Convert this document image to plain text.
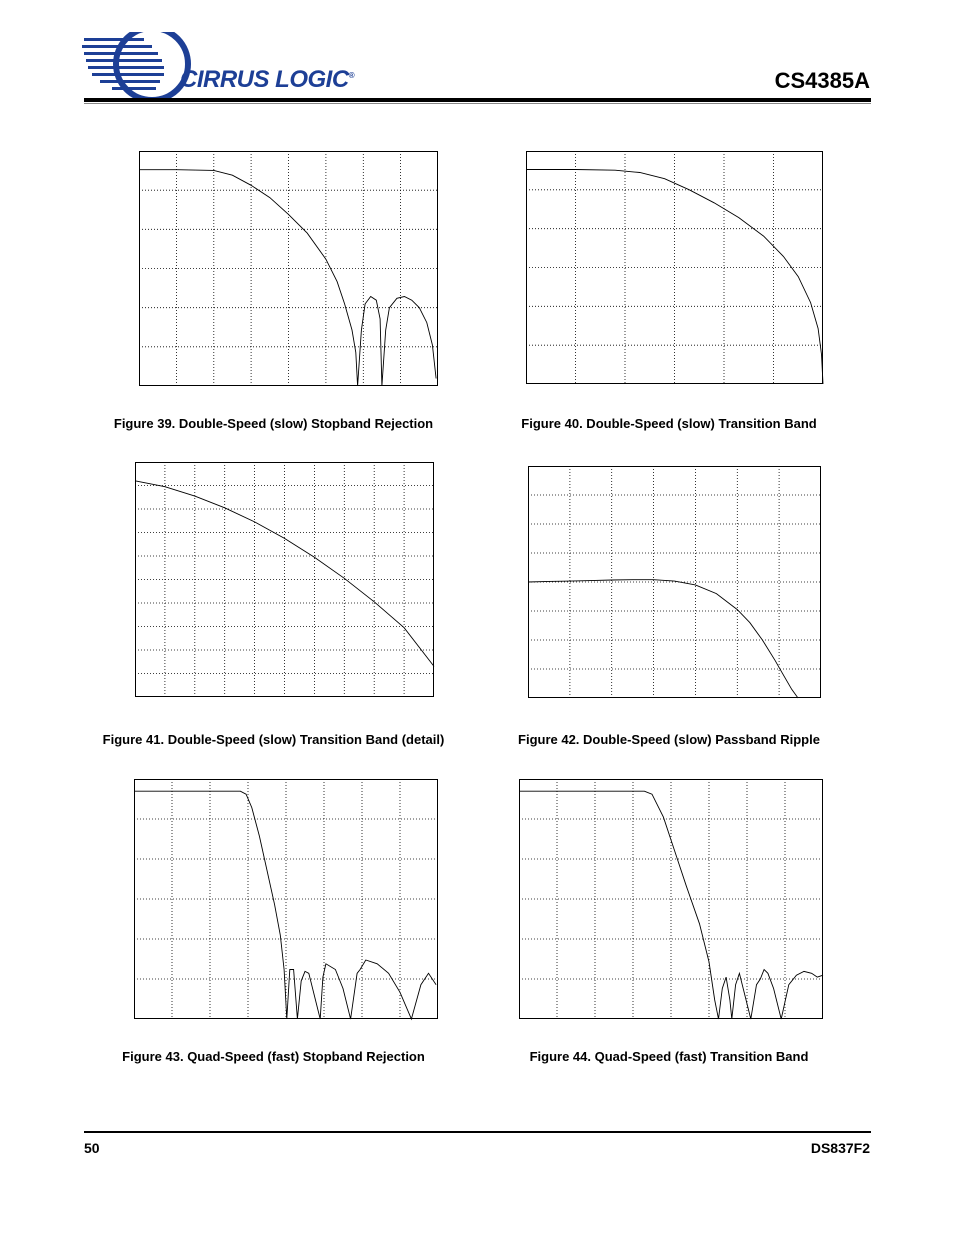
CIRRUS LOGIC®	CS4385A
Figure 39. Double-Speed (slow) Stopband Rejection	Figure 40. Double-Speed (slow) Transition Band
Figure 41. Double-Speed (slow) Transition Band (detail)	Figure 42. Double-Speed (slow) Passband Ripple
Figure 43. Quad-Speed (fast) Stopband Rejection	Figure 44. Quad-Speed (fast) Transition Band
50	DS837F2
